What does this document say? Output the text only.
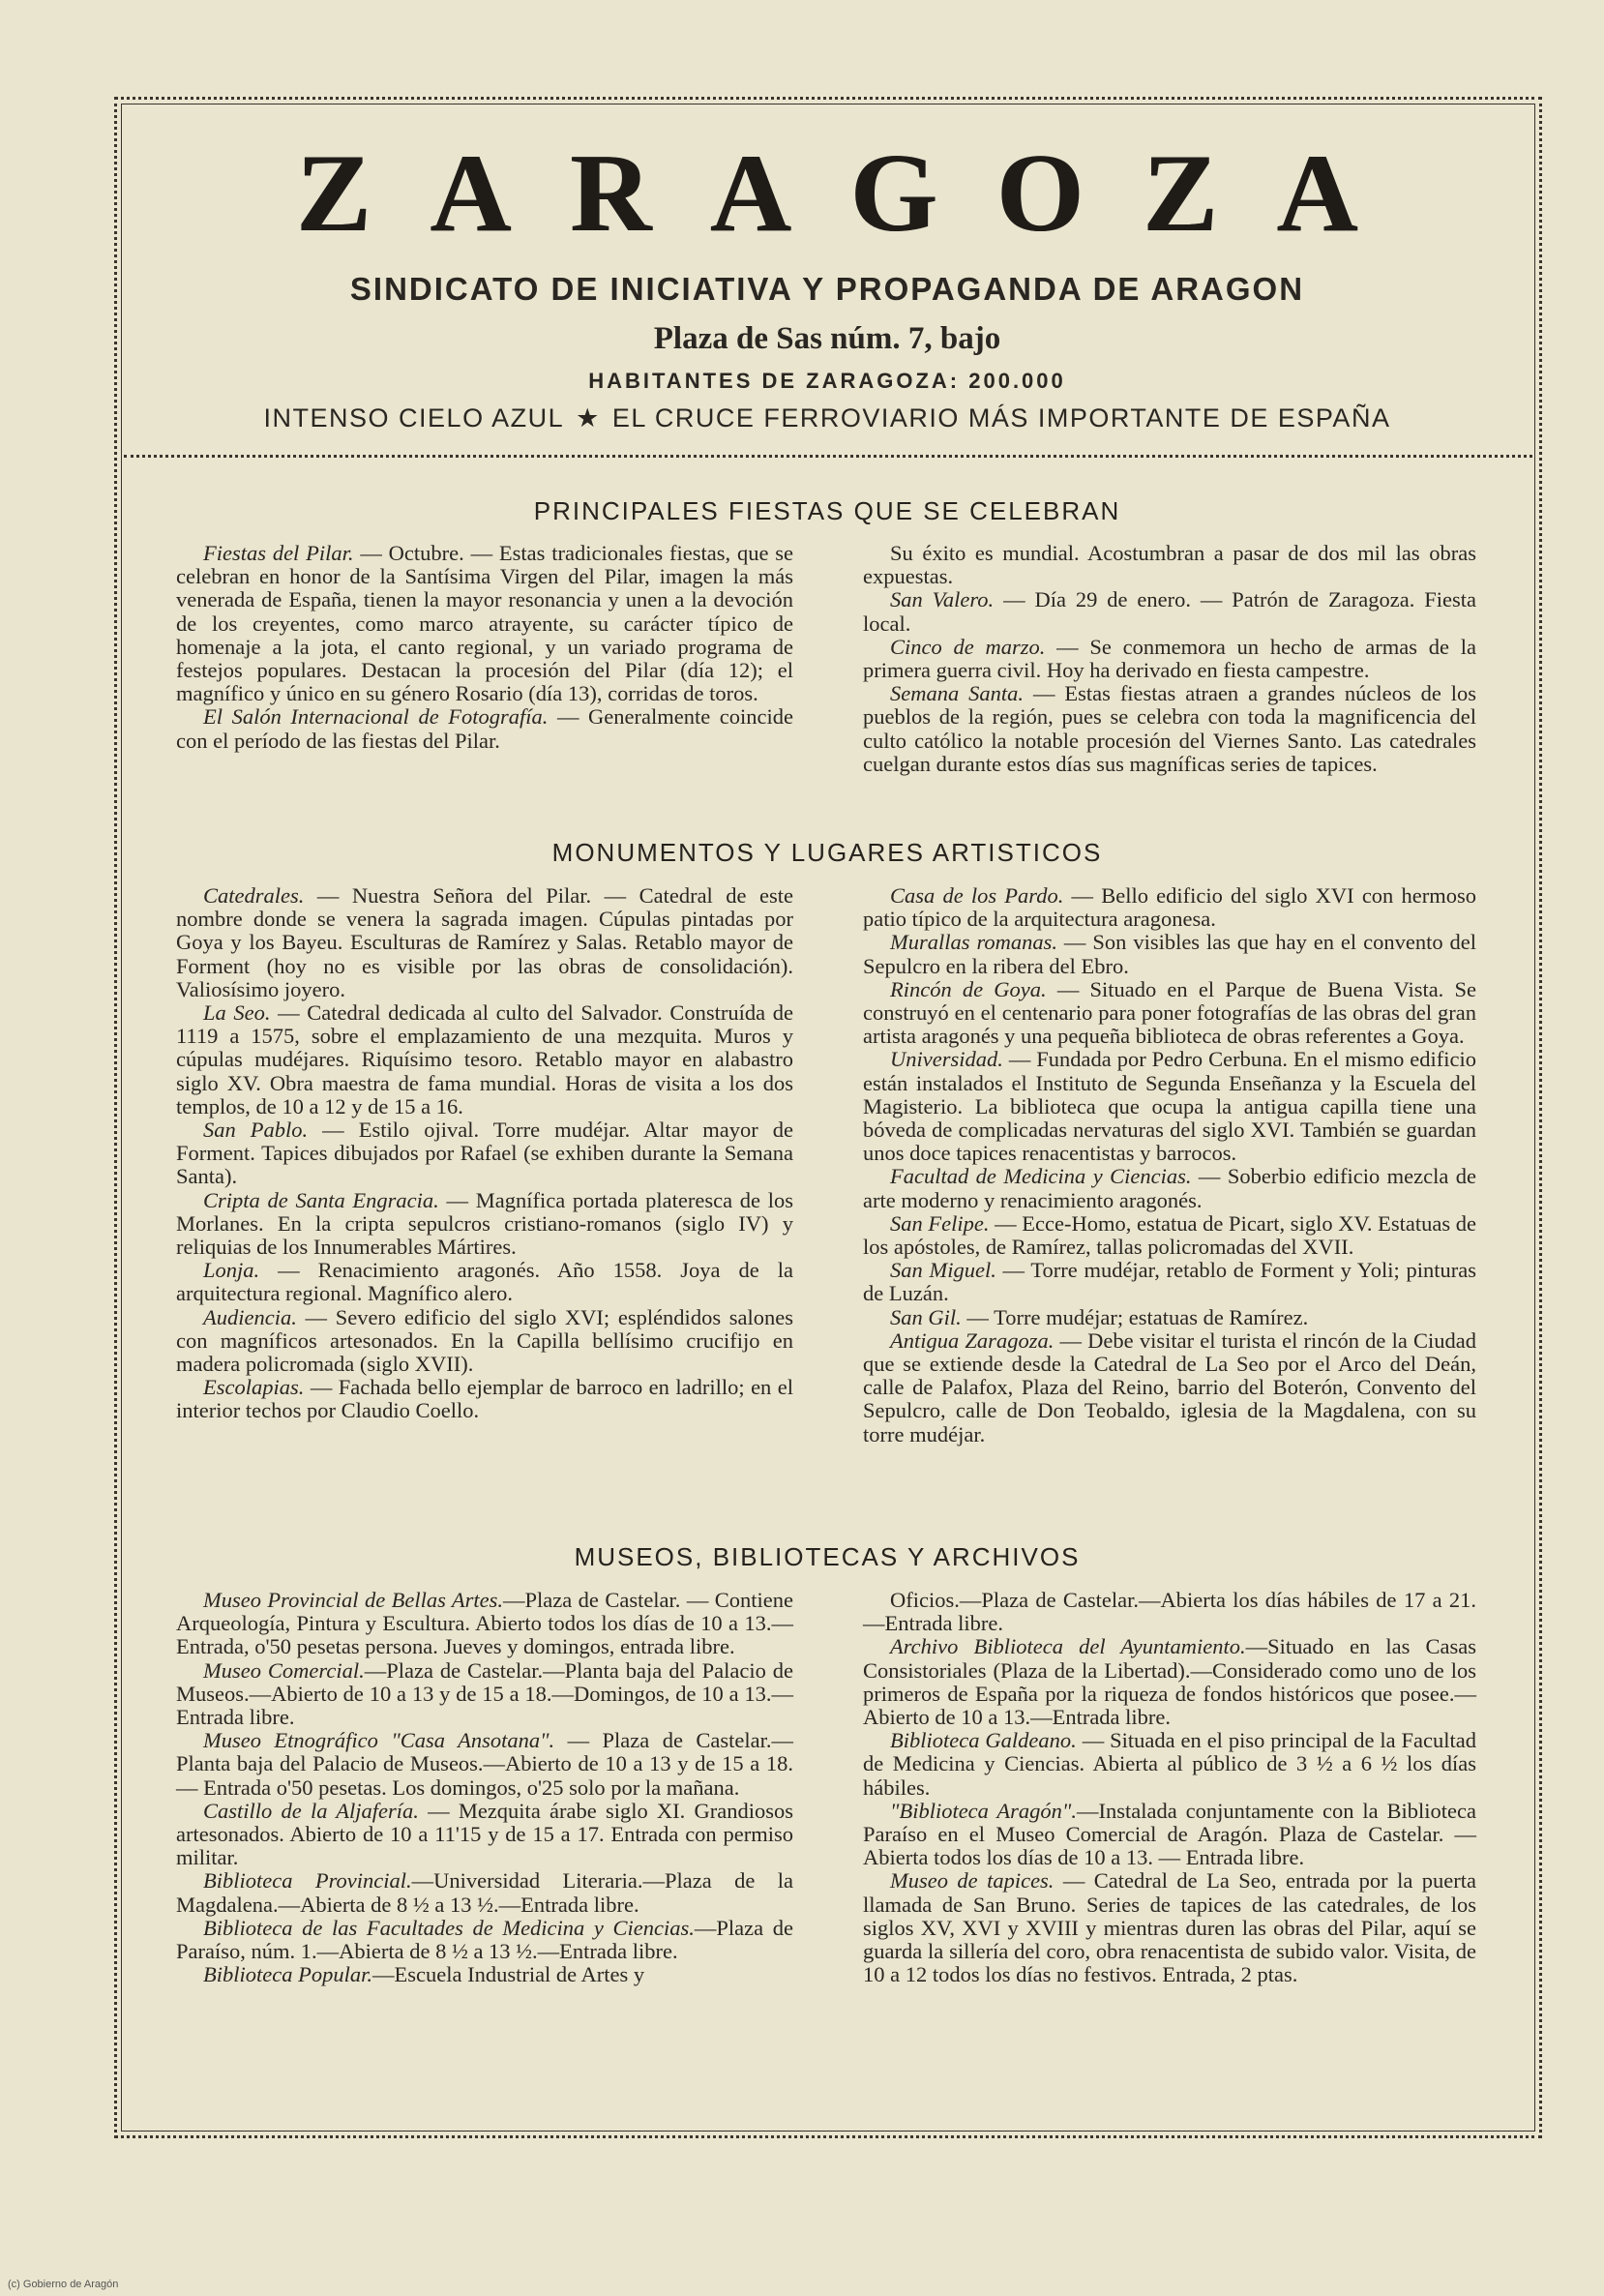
ZARAGOZA
SINDICATO DE INICIATIVA Y PROPAGANDA DE ARAGON
Plaza de Sas núm. 7, bajo
HABITANTES DE ZARAGOZA: 200.000
INTENSO CIELO AZUL ★ EL CRUCE FERROVIARIO MÁS IMPORTANTE DE ESPAÑA
PRINCIPALES FIESTAS QUE SE CELEBRAN

Fiestas del Pilar. — Octubre. — Estas tradicionales fiestas, que se celebran en honor de la Santísima Virgen del Pilar, imagen la más venerada de España, tienen la mayor resonancia y unen a la devoción de los creyentes, como marco atrayente, su carácter típico de homenaje a la jota, el canto regional, y un variado programa de festejos populares. Destacan la procesión del Pilar (día 12); el magnífico y único en su género Rosario (día 13), corridas de toros.

El Salón Internacional de Fotografía. — Generalmente coincide con el período de las fiestas del Pilar.

Su éxito es mundial. Acostumbran a pasar de dos mil las obras expuestas.

San Valero. — Día 29 de enero. — Patrón de Zaragoza. Fiesta local.

Cinco de marzo. — Se conmemora un hecho de armas de la primera guerra civil. Hoy ha derivado en fiesta campestre.

Semana Santa. — Estas fiestas atraen a grandes núcleos de los pueblos de la región, pues se celebra con toda la magnificencia del culto católico la notable procesión del Viernes Santo. Las catedrales cuelgan durante estos días sus magníficas series de tapices.

MONUMENTOS Y LUGARES ARTISTICOS

Catedrales. — Nuestra Señora del Pilar. — Catedral de este nombre donde se venera la sagrada imagen. Cúpulas pintadas por Goya y los Bayeu. Esculturas de Ramírez y Salas. Retablo mayor de Forment (hoy no es visible por las obras de consolidación). Valiosísimo joyero.

La Seo. — Catedral dedicada al culto del Salvador. Construída de 1119 a 1575, sobre el emplazamiento de una mezquita. Muros y cúpulas mudéjares. Riquísimo tesoro. Retablo mayor en alabastro siglo XV. Obra maestra de fama mundial. Horas de visita a los dos templos, de 10 a 12 y de 15 a 16.

San Pablo. — Estilo ojival. Torre mudéjar. Altar mayor de Forment. Tapices dibujados por Rafael (se exhiben durante la Semana Santa).

Cripta de Santa Engracia. — Magnífica portada plateresca de los Morlanes. En la cripta sepulcros cristiano-romanos (siglo IV) y reliquias de los Innumerables Mártires.

Lonja. — Renacimiento aragonés. Año 1558. Joya de la arquitectura regional. Magnífico alero.

Audiencia. — Severo edificio del siglo XVI; espléndidos salones con magníficos artesonados. En la Capilla bellísimo crucifijo en madera policromada (siglo XVII).

Escolapias. — Fachada bello ejemplar de barroco en ladrillo; en el interior techos por Claudio Coello.

Casa de los Pardo. — Bello edificio del siglo XVI con hermoso patio típico de la arquitectura aragonesa.

Murallas romanas. — Son visibles las que hay en el convento del Sepulcro en la ribera del Ebro.

Rincón de Goya. — Situado en el Parque de Buena Vista. Se construyó en el centenario para poner fotografías de las obras del gran artista aragonés y una pequeña biblioteca de obras referentes a Goya.

Universidad. — Fundada por Pedro Cerbuna. En el mismo edificio están instalados el Instituto de Segunda Enseñanza y la Escuela del Magisterio. La biblioteca que ocupa la antigua capilla tiene una bóveda de complicadas nervaturas del siglo XVI. También se guardan unos doce tapices renacentistas y barrocos.

Facultad de Medicina y Ciencias. — Soberbio edificio mezcla de arte moderno y renacimiento aragonés.

San Felipe. — Ecce-Homo, estatua de Picart, siglo XV. Estatuas de los apóstoles, de Ramírez, tallas policromadas del XVII.

San Miguel. — Torre mudéjar, retablo de Forment y Yoli; pinturas de Luzán.

San Gil. — Torre mudéjar; estatuas de Ramírez.

Antigua Zaragoza. — Debe visitar el turista el rincón de la Ciudad que se extiende desde la Catedral de La Seo por el Arco del Deán, calle de Palafox, Plaza del Reino, barrio del Boterón, Convento del Sepulcro, calle de Don Teobaldo, iglesia de la Magdalena, con su torre mudéjar.

MUSEOS, BIBLIOTECAS Y ARCHIVOS

Museo Provincial de Bellas Artes.—Plaza de Castelar. — Contiene Arqueología, Pintura y Escultura. Abierto todos los días de 10 a 13.—Entrada, o'50 pesetas persona. Jueves y domingos, entrada libre.

Museo Comercial.—Plaza de Castelar.—Planta baja del Palacio de Museos.—Abierto de 10 a 13 y de 15 a 18.—Domingos, de 10 a 13.—Entrada libre.

Museo Etnográfico "Casa Ansotana". — Plaza de Castelar.—Planta baja del Palacio de Museos.—Abierto de 10 a 13 y de 15 a 18.— Entrada o'50 pesetas. Los domingos, o'25 solo por la mañana.

Castillo de la Aljafería. — Mezquita árabe siglo XI. Grandiosos artesonados. Abierto de 10 a 11'15 y de 15 a 17. Entrada con permiso militar.

Biblioteca Provincial.—Universidad Literaria.—Plaza de la Magdalena.—Abierta de 8 ½ a 13 ½.—Entrada libre.

Biblioteca de las Facultades de Medicina y Ciencias.—Plaza de Paraíso, núm. 1.—Abierta de 8 ½ a 13 ½.—Entrada libre.

Biblioteca Popular.—Escuela Industrial de Artes y

Oficios.—Plaza de Castelar.—Abierta los días hábiles de 17 a 21.—Entrada libre.

Archivo Biblioteca del Ayuntamiento.—Situado en las Casas Consistoriales (Plaza de la Libertad).—Considerado como uno de los primeros de España por la riqueza de fondos históricos que posee.—Abierto de 10 a 13.—Entrada libre.

Biblioteca Galdeano. — Situada en el piso principal de la Facultad de Medicina y Ciencias. Abierta al público de 3 ½ a 6 ½ los días hábiles.

"Biblioteca Aragón".—Instalada conjuntamente con la Biblioteca Paraíso en el Museo Comercial de Aragón. Plaza de Castelar. — Abierta todos los días de 10 a 13. — Entrada libre.

Museo de tapices. — Catedral de La Seo, entrada por la puerta llamada de San Bruno. Series de tapices de las catedrales, de los siglos XV, XVI y XVIII y mientras duren las obras del Pilar, aquí se guarda la sillería del coro, obra renacentista de subido valor. Visita, de 10 a 12 todos los días no festivos. Entrada, 2 ptas.

(c) Gobierno de Aragón
